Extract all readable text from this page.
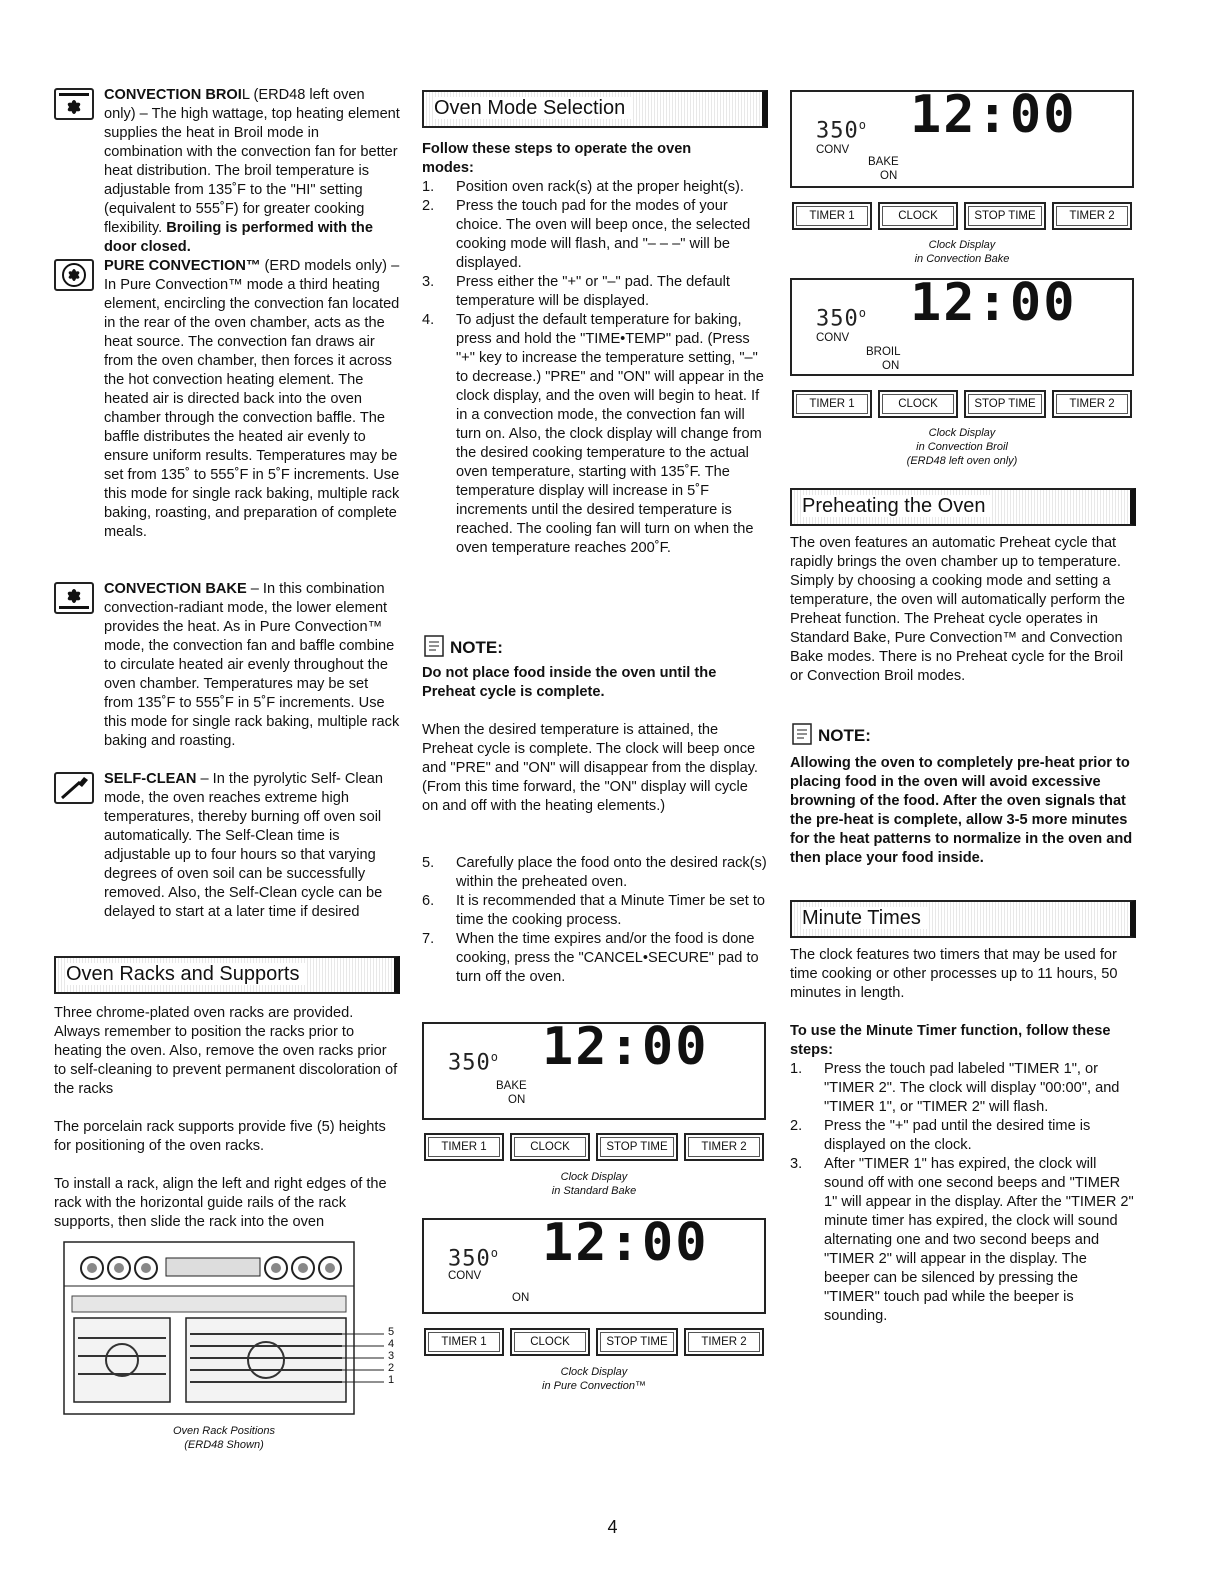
CONVECTION BROIL (ERD48 left oven only) – The high wattage, top heating element supplies the heat in Broil mode in combination with the convection fan for better heat distribution. The broil temperature is adjustable from 135˚F to the "HI" setting (equivalent to 555˚F) for greater cooking flexibility. Broiling is performed with the door closed.
PURE CONVECTION™ (ERD models only) – In Pure Convection™ mode a third heating element, encircling the convection fan located in the rear of the oven chamber, acts as the heat source. The convection fan draws air from the oven chamber, then forces it across the hot convection heating element. The heated air is directed back into the oven chamber through the convection baffle. The baffle distributes the heated air evenly to ensure uniform results. Temperatures may be set from 135˚ to 555˚F in 5˚F increments. Use this mode for single rack baking, multiple rack baking, roasting, and preparation of complete meals.
CONVECTION BAKE – In this combination convection-radiant mode, the lower element provides the heat. As in Pure Convection™ mode, the convection fan and baffle combine to circulate heated air evenly throughout the oven chamber. Temperatures may be set from 135˚F to 555˚F in 5˚F increments. Use this mode for single rack baking, multiple rack baking and roasting.
SELF-CLEAN – In the pyrolytic Self- Clean mode, the oven reaches extreme high temperatures, thereby burning off oven soil automatically. The Self-Clean time is adjustable up to four hours so that varying degrees of oven soil can be successfully removed. Also, the Self-Clean cycle can be delayed to start at a later time if desired
Oven Racks and Supports

Three chrome-plated oven racks are provided. Always remember to position the racks prior to heating the oven. Also, remove the oven racks prior to self-cleaning to prevent permanent discoloration of the racks

The porcelain rack supports provide five (5) heights for positioning of the oven racks.

To install a rack, align the left and right edges of the rack with the horizontal guide rails of the rack supports, then slide the rack into the oven

5
4
3
2
1
Oven Rack Positions
(ERD48 Shown)
Oven Mode Selection

Follow these steps to operate the oven modes:

1. Position oven rack(s) at the proper height(s).
2. Press the touch pad for the modes of your choice. The oven will beep once, the selected cooking mode will flash, and "– – –" will be displayed.
3. Press either the "+" or "–" pad. The default temperature will be displayed.
4. To adjust the default temperature for baking, press and hold the "TIME•TEMP" pad. (Press "+" key to increase the temperature setting, "–" to decrease.) "PRE" and "ON" will appear in the clock display, and the oven will begin to heat. If in a convection mode, the convection fan will turn on. Also, the clock display will change from the desired cooking temperature to the actual oven temperature, starting with 135˚F. The temperature display will increase in 5˚F increments until the desired temperature is reached. The cooling fan will turn on when the oven temperature reaches 200˚F.
NOTE:

Do not place food inside the oven until the Preheat cycle is complete.

When the desired temperature is attained, the Preheat cycle is complete. The clock will beep once and "PRE" and "ON" will disappear from the display. (From this time forward, the "ON" display will cycle on and off with the heating elements.)

5. Carefully place the food onto the desired rack(s) within the preheated oven.
6. It is recommended that a Minute Timer be set to time the cooking process.
7. When the time expires and/or the food is done cooking, press the "CANCEL•SECURE" pad to turn off the oven.
350$^o$
BAKE
ON
12:00
TIMER 1	CLOCK	STOP TIME	TIMER 2
Clock Display
in Standard Bake
350$^o$
CONV
ON
12:00
TIMER 1	CLOCK	STOP TIME	TIMER 2
Clock Display
in Pure Convection™
350$^o$
CONV
BAKE
ON
12:00
TIMER 1	CLOCK	STOP TIME	TIMER 2
Clock Display
in Convection Bake
350$^o$
CONV
BROIL
ON
12:00
TIMER 1	CLOCK	STOP TIME	TIMER 2
Clock Display
in Convection Broil
(ERD48 left oven only)
Preheating the Oven

The oven features an automatic Preheat cycle that rapidly brings the oven chamber up to temperature. Simply by choosing a cooking mode and setting a temperature, the oven will automatically perform the Preheat function. The Preheat cycle operates in Standard Bake, Pure Convection™ and Convection Bake modes. There is no Preheat cycle for the Broil or Convection Broil modes.

NOTE:

Allowing the oven to completely pre-heat prior to placing food in the oven will avoid excessive browning of the food. After the oven signals that the pre-heat is complete, allow 3-5 more minutes for the heat patterns to normalize in the oven and then place your food inside.

Minute Times

The clock features two timers that may be used for time cooking or other processes up to 11 hours, 50 minutes in length.

To use the Minute Timer function, follow these steps:

1. Press the touch pad labeled "TIMER 1", or "TIMER 2". The clock will display "00:00", and "TIMER 1", or "TIMER 2" will flash.
2. Press the "+" pad until the desired time is displayed on the clock.
3. After "TIMER 1" has expired, the clock will sound off with one second beeps and "TIMER 1" will appear in the display. After the "TIMER 2" minute timer has expired, the clock will sound alternating one and two second beeps and "TIMER 2" will appear in the display. The beeper can be silenced by pressing the "TIMER" touch pad while the beeper is sounding.
4
